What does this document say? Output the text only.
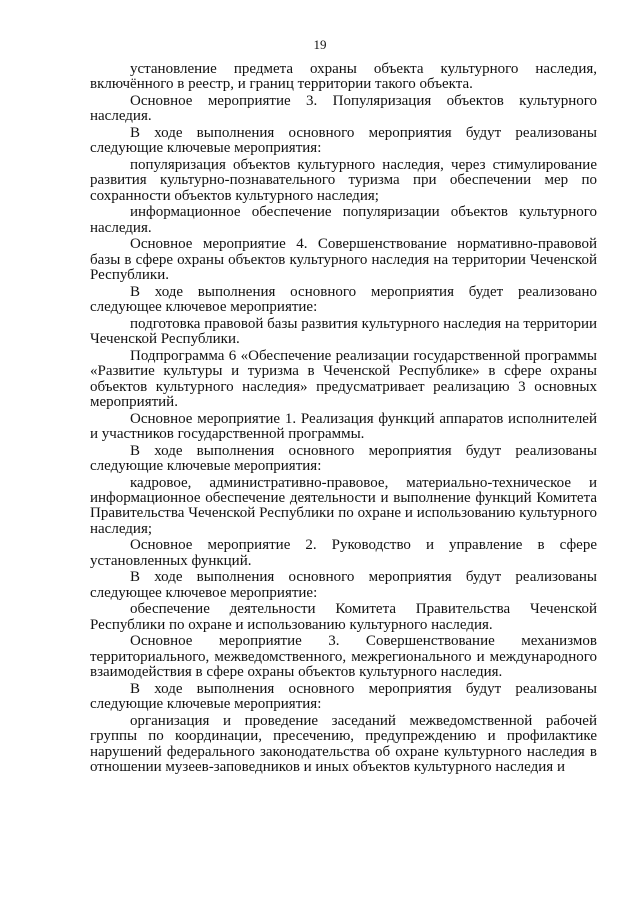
19

установление предмета охраны объекта культурного наследия, включённого в реестр, и границ территории такого объекта.

Основное мероприятие 3. Популяризация объектов культурного наследия.

В ходе выполнения основного мероприятия будут реализованы следующие ключевые мероприятия:

популяризация объектов культурного наследия, через стимулирование развития культурно-познавательного туризма при обеспечении мер по сохранности объектов культурного наследия;

информационное обеспечение популяризации объектов культурного наследия.

Основное мероприятие 4. Совершенствование нормативно-правовой базы в сфере охраны объектов культурного наследия на территории Чеченской Республики.

В ходе выполнения основного мероприятия будет реализовано следующее ключевое мероприятие:

подготовка правовой базы развития культурного наследия на территории Чеченской Республики.

Подпрограмма 6 «Обеспечение реализации государственной программы «Развитие культуры и туризма в Чеченской Республике» в сфере охраны объектов культурного наследия» предусматривает реализацию 3 основных мероприятий.

Основное мероприятие 1. Реализация функций аппаратов исполнителей и участников государственной программы.

В ходе выполнения основного мероприятия будут реализованы следующие ключевые мероприятия:

кадровое, административно-правовое, материально-техническое и информационное обеспечение деятельности и выполнение функций Комитета Правительства Чеченской Республики по охране и использованию культурного наследия;

Основное мероприятие 2. Руководство и управление в сфере установленных функций.

В ходе выполнения основного мероприятия будут реализованы следующее ключевое мероприятие:

обеспечение деятельности Комитета Правительства Чеченской Республики по охране и использованию культурного наследия.

Основное мероприятие 3. Совершенствование механизмов территориального, межведомственного, межрегионального и международного взаимодействия в сфере охраны объектов культурного наследия.

В ходе выполнения основного мероприятия будут реализованы следующие ключевые мероприятия:

организация и проведение заседаний межведомственной рабочей группы по координации, пресечению, предупреждению и профилактике нарушений федерального законодательства об охране культурного наследия в отношении музеев-заповедников и иных объектов культурного наследия и
